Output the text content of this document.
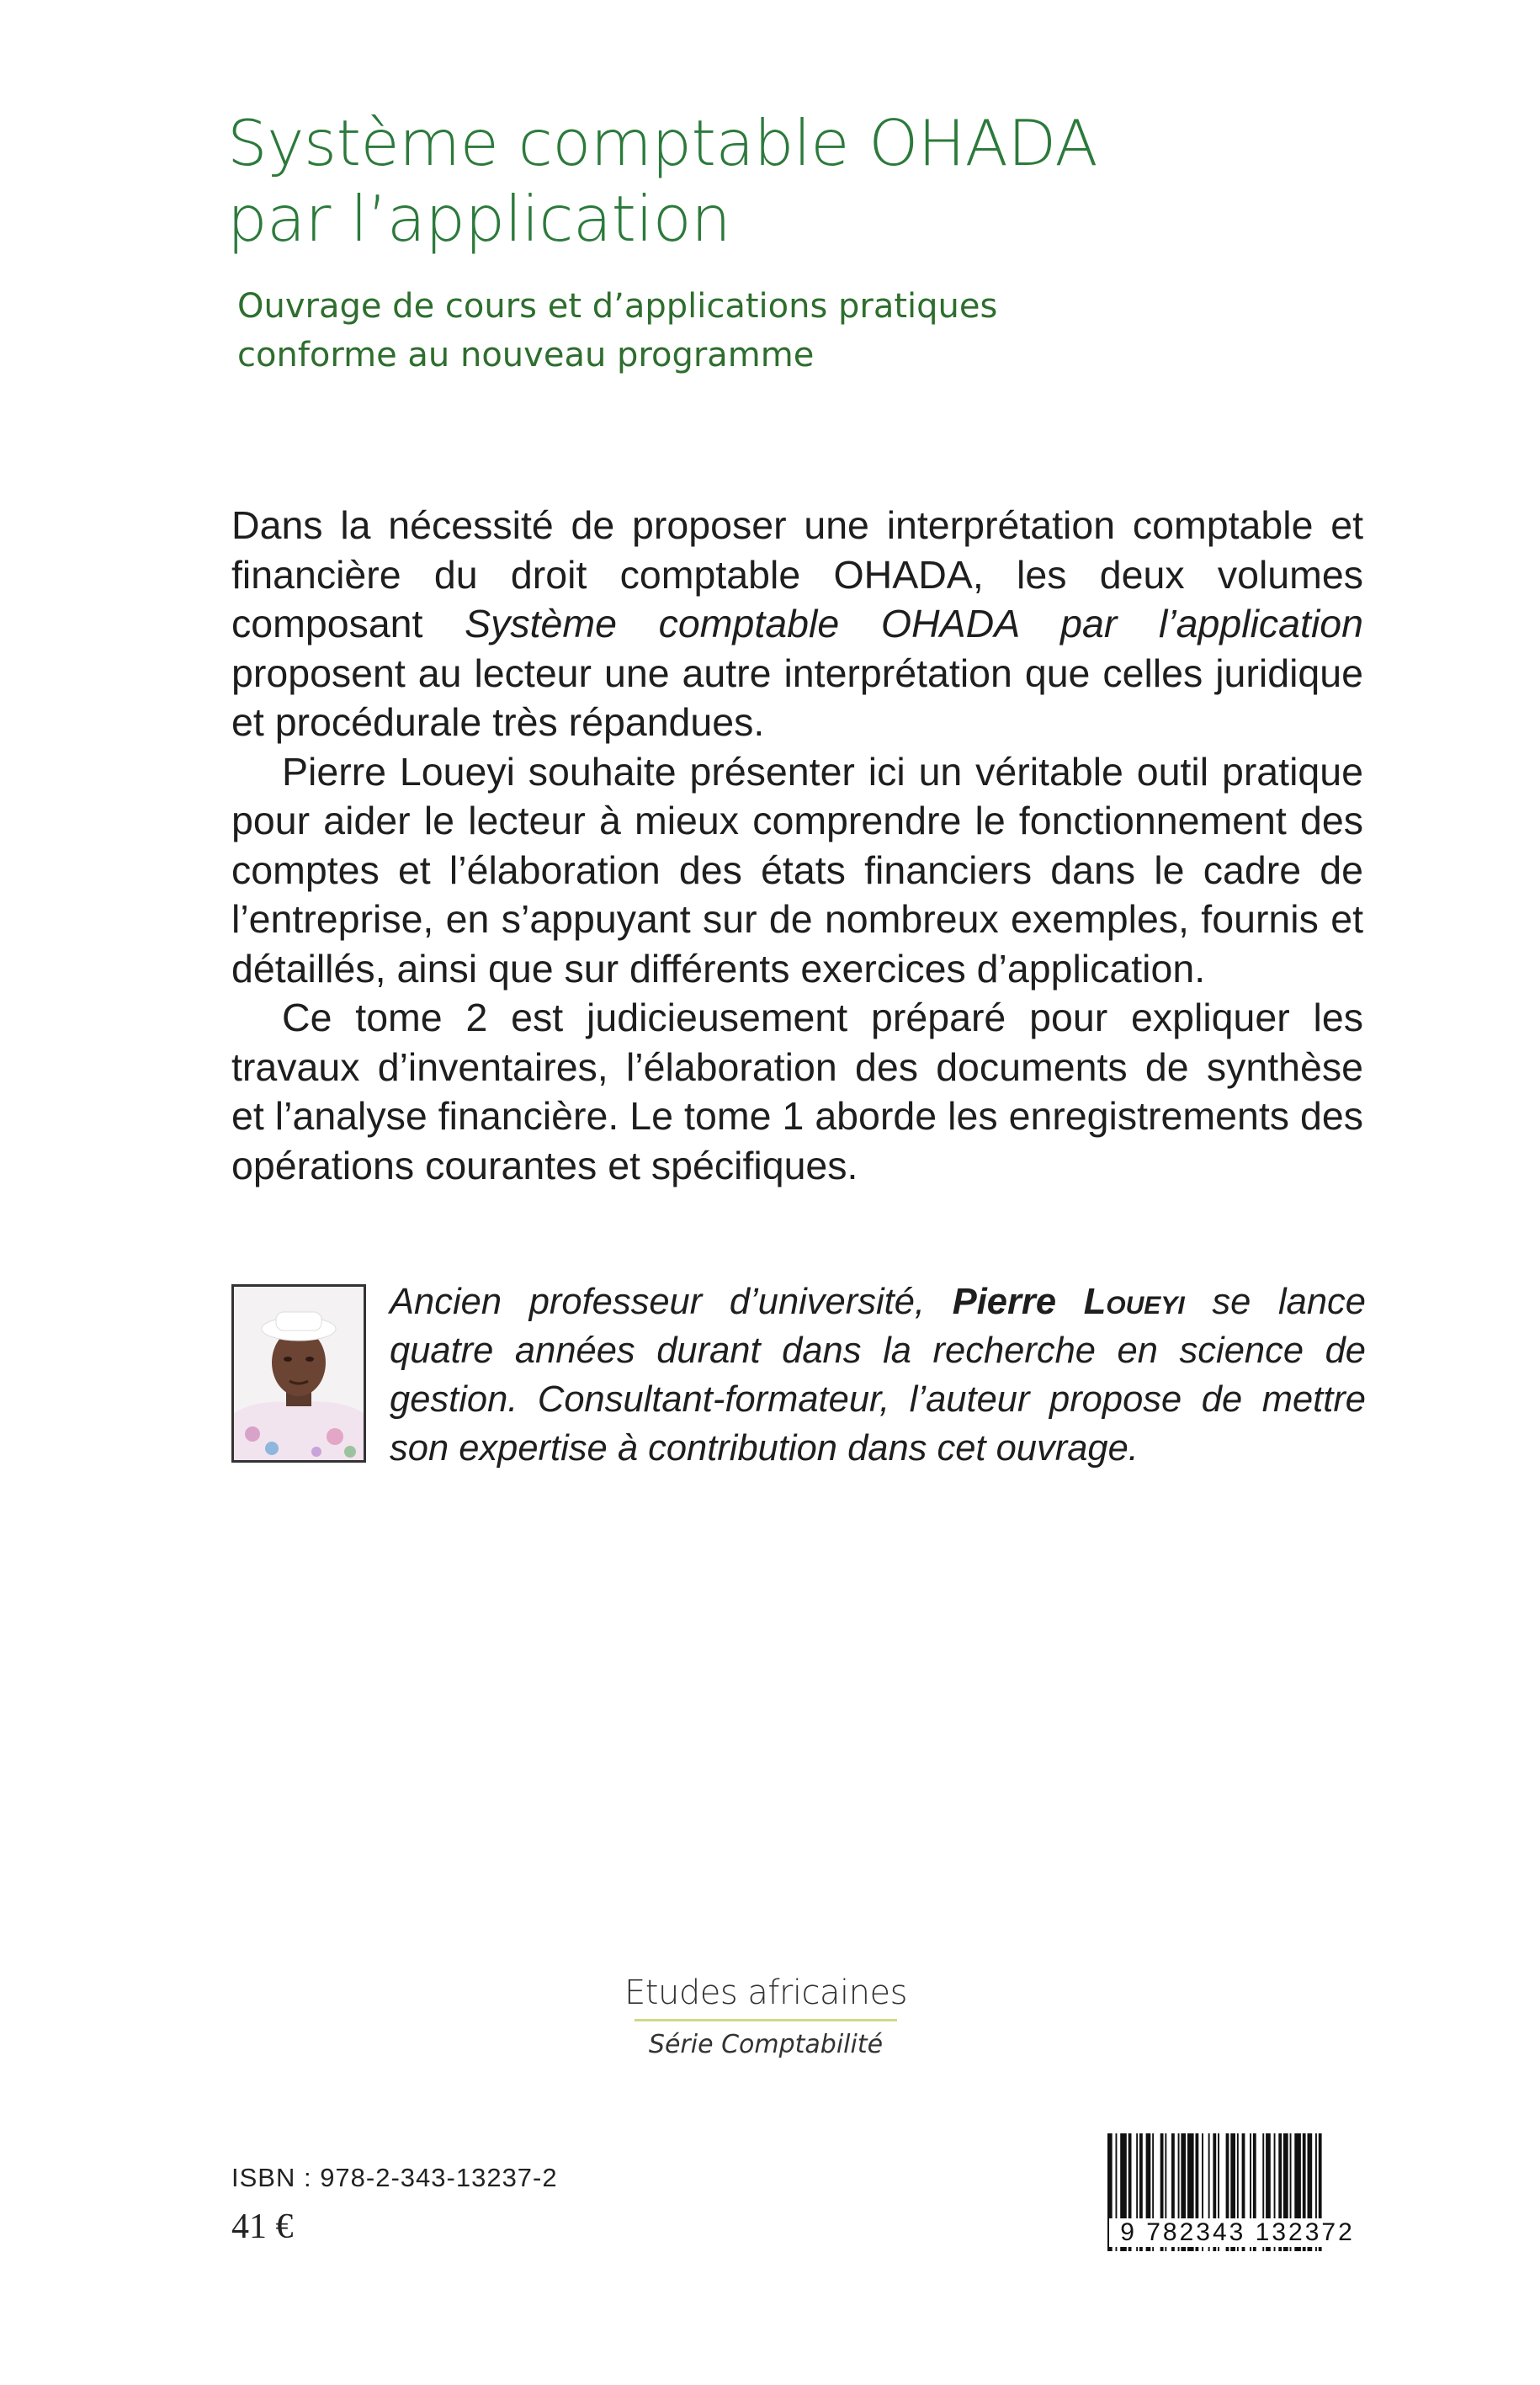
Système comptable OHADA
par l’application
Ouvrage de cours et d’applications pratiques
conforme au nouveau programme

Dans la nécessité de proposer une interprétation comptable et financière du droit comptable OHADA, les deux volumes composant Système comptable OHADA par l’application proposent au lecteur une autre interprétation que celles juridique et procédurale très répandues.

Pierre Loueyi souhaite présenter ici un véritable outil pratique pour aider le lecteur à mieux comprendre le fonctionnement des comptes et l’élaboration des états financiers dans le cadre de l’entreprise, en s’appuyant sur de nombreux exemples, fournis et détaillés, ainsi que sur différents exercices d’application.

Ce tome 2 est judicieusement préparé pour expliquer les travaux d’inventaires, l’élaboration des documents de synthèse et l’analyse financière. Le tome 1 aborde les enregistrements des opérations courantes et spécifiques.

Ancien professeur d’université, Pierre Loueyi se lance quatre années durant dans la recherche en science de gestion. Consultant-formateur, l’auteur propose de mettre son expertise à contribution dans cet ouvrage.

Etudes africaines
Série Comptabilité
ISBN : 978-2-343-13237-2
41 €	9 782343 132372
